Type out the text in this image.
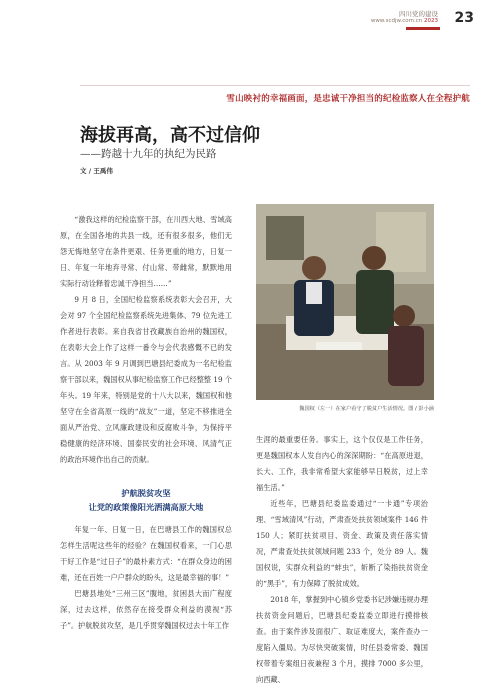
四川党的建设
www.scdjw.com.cn 2023 23
雪山映衬的幸福画面，是忠诚干净担当的纪检监察人在全程护航
海拔再高，高不过信仰
——跨越十九年的执纪为民路
文 / 王禹伟

“激我这样的纪检监察干部，在川西大地、雪域高原，在全国各地的共县一线，还有很多很多，他们无怨无悔地坚守在条件更艰、任务更重的地方，日复一日、年复一年地弃寻常、付山常、带雌常，默默地用实际行动诠释着忠诚干净担当……”

9 月 8 日，全国纪检监察系统表彰大会召开，大会对 97 个全国纪检监察系统先进集体、79 位先进工作者进行表彰。来自我省甘孜藏族自治州的魏国权，在表彰大会上作了这样一番令与会代表感慨不已的发言。从 2003 年 9 月调到巴塘县纪委成为一名纪检监察干部以来，魏国权从事纪检监察工作已经整整 19 个年头。19 年来，特别是党的十八大以来，魏国权和他坚守在全省高原一线的“战友”一道，坚定不移推进全面从严治党、立风廉政建设和反腐败斗争，为保持平稳健康的经济环境、国泰民安的社会环境、风清气正的政治环境作出自己的贡献。

护航脱贫攻坚
让党的政策像阳光洒满高原大地

年复一年、日复一日，在巴塘县工作的魏国权总怎样生活呢这些年的经验？在魏国权看来，一门心思干好工作是“过日子”的最朴素方式：“在群众身边的困难，还在百姓一户户群众的盼头，这是最幸福的事！”

巴塘县地处“三州三区”腹地，贫困县大而广程度深，过去这样，依然存在接受群众利益的漠视“苏子”。护航脱贫攻坚，是几乎贯穿魏国权过去十年工作

魏国权（左一）在家户看守了脱贫户生活情况。图 / 彭小涵

生涯的最重要任务。事实上，这个仅仅是工作任务，更是魏国权本人发自内心的深深期盼：“在高原进退，长大、工作，我非常希望大家能够早日脱贫，过上幸福生活。”

近些年，巴塘县纪委监委通过“一卡通”专项治理、“雪域清风”行动，严肃查处扶贫领域案件 146 件 150 人；紧盯扶贫项目、资金、政策及责任落实情况，严肃查处扶贫领域问题 233 个，处分 89 人。魏国权说，实群众利益的“蚌虫”，斩断了染指扶贫资金的“黑手”，有力保障了脱贫成效。

2018 年，掌握到中心镇乡党委书记涉嫌违规办理扶贫资金问题后，巴塘县纪委监委立即进行摸排核查。由于案件涉及面很广、取证难度大，案件查办一度陷入僵局。为尽快突破案情，时任县委常委、魏国权带着专案组日夜兼程 3 个月，摸排 7000 多公里，向西藏、
